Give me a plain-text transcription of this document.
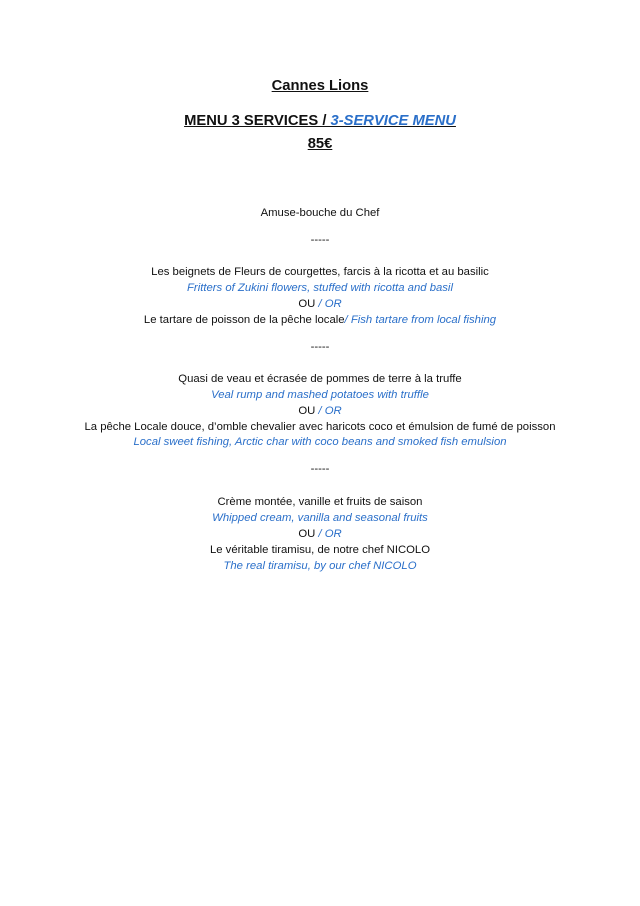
Cannes Lions
MENU 3 SERVICES / 3-SERVICE MENU
85€
Amuse-bouche du Chef
-----
Les beignets de Fleurs de courgettes, farcis à la ricotta et au basilic
Fritters of Zukini flowers, stuffed with ricotta and basil
OU / OR
Le tartare de poisson de la pêche locale/ Fish tartare from local fishing
-----
Quasi de veau et écrasée de pommes de terre à la truffe
Veal rump and mashed potatoes with truffle
OU / OR
La pêche Locale douce, d’omble chevalier avec haricots coco et émulsion de fumé de poisson
Local sweet fishing, Arctic char with coco beans and smoked fish emulsion
-----
Crème montée, vanille et fruits de saison
Whipped cream, vanilla and seasonal fruits
OU / OR
Le véritable tiramisu, de notre chef NICOLO
The real tiramisu, by our chef NICOLO
